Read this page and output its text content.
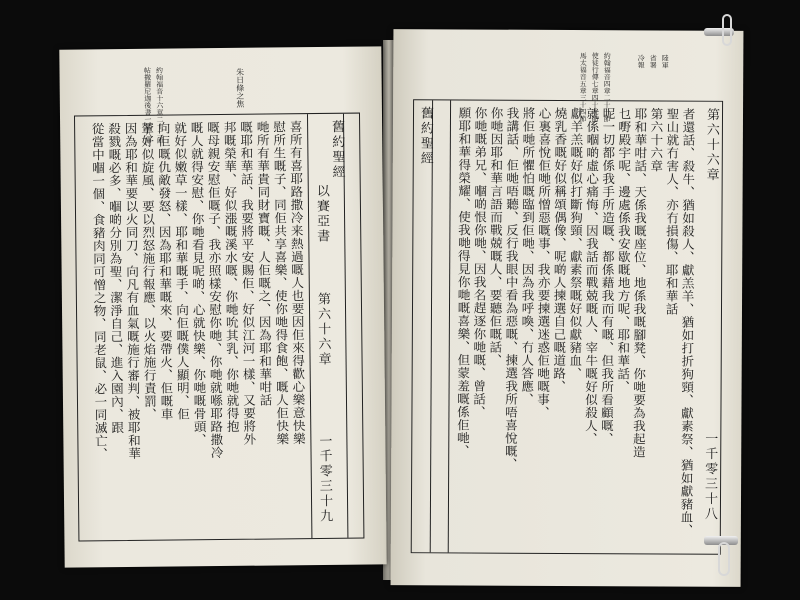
朱日條之焦
舊約聖經
以賽亞書
第六十六章
一千零三十九
喜所有喜耶路撒冷来熱過嘅人也要因佢來得歡心樂意快樂
慰所生嘅子、同佢共享喜樂、使你哋得食飽、嘅人佢快樂
哋所有華貴同財寶嘅、人佢嘅之、因為耶和華咁話
嘅耶和華話、我要將平安賜佢、好似江河一樣、又要將外
邦嘅榮華、好似漲嘅溪水嘅、你哋吮其乳、你哋就得抱
嘅母親安慰佢嘅子、我亦照樣安慰你哋、你哋就喺耶路撒冷
嘅人就得安慰、你哋看見呢啲、心就快樂、你哋嘅骨頭、
就好似嫩草一樣、耶和華嘅手、向佢嘅僕人顯明、佢
向佢嘅仇敵發怒、因為耶和華嘅來、要帶火、佢嘅車
輦好似旋風、要以烈怒施行報應、以火焰施行責罰、
因為耶和華要以火同刀、向凡有血氣嘅施行審判、被耶和華
殺戮嘅必多、嗰啲分別為聖、潔淨自己、進入園內、跟
從當中嗰一個、食豬肉同可憎之物、同老鼠、必一同滅亡、
約翰福音十六章二十二節
帖撒羅尼迦後書一章八節
陸軍
省署
冷報
約翰福音四章二十一節
使徒行傳七章四十九節
馬太福音五章三十四節
舊約聖經	第六十六章
一千零三十八
者還話、殺牛、猶如殺人、獻羔羊、猶如打折狗頸、獻素祭、猶如獻豬血、
聖山就冇害人、亦冇損傷、耶和華話
第六十六章
耶和華咁話、天係我嘅座位、地係我嘅腳凳、你哋要為我起造
乜嘢殿宇呢、邊處係我安歇嘅地方呢、耶和華話、
呢一切都係我手所造嘅、都係藉我而有嘅、但我所看顧嘅、
就係嗰啲虛心痛悔、因我話而戰兢嘅人、宰牛嘅好似殺人、
獻羊羔嘅好似打斷狗頸、獻素祭嘅好似獻豬血、
燒乳香嘅好似稱頌偶像、呢啲人揀選自己嘅道路、
心裏喜悅佢哋所憎惡嘅事、我亦要揀選迷惑佢哋嘅事、
將佢哋所懼怕嘅臨到佢哋、因為我呼喚、冇人答應、
我講話、佢哋唔聽、反行我眼中看為惡嘅、揀選我所唔喜悅嘅、
你哋因耶和華言語而戰兢嘅人、要聽佢嘅話、
你哋嘅弟兄、嗰啲恨你哋、因我名趕逐你哋嘅、曾話、
願耶和華得榮耀、使我哋得見你哋嘅喜樂、但蒙羞嘅係佢哋、
